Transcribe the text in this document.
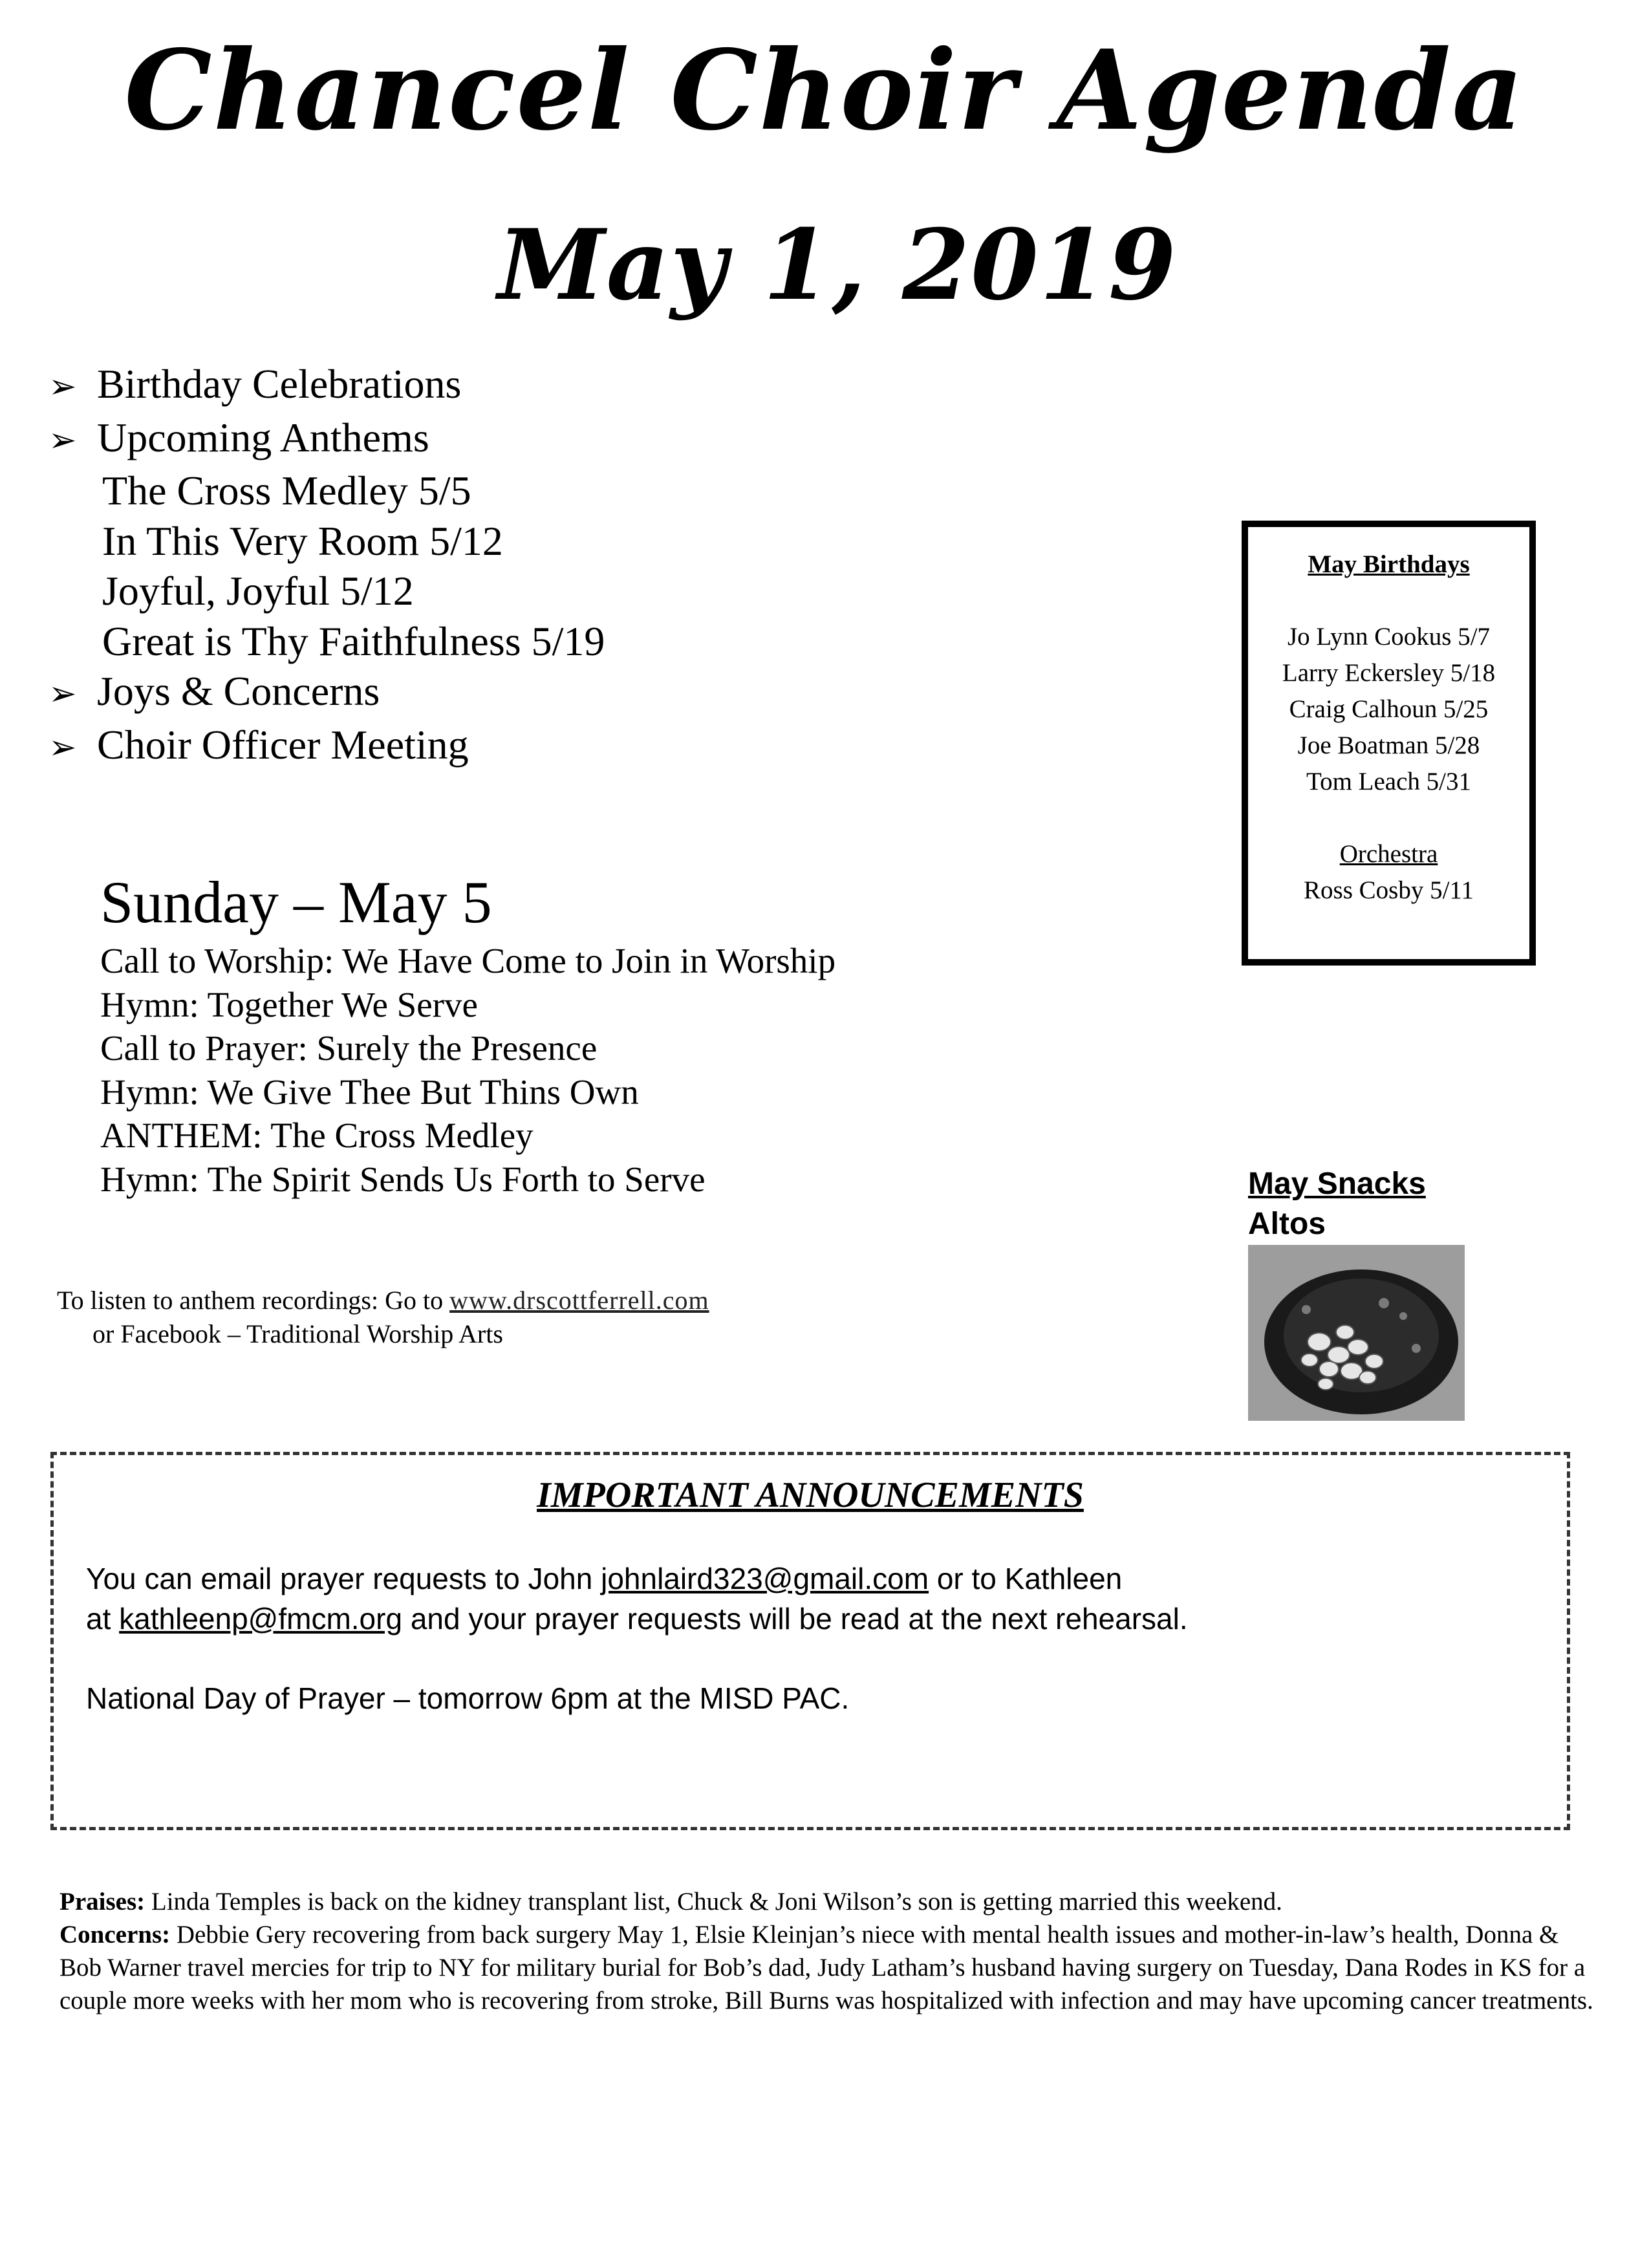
Chancel Choir Agenda
May 1, 2019
➢ Birthday Celebrations
➢ Upcoming Anthems
The Cross Medley 5/5
In This Very Room 5/12
Joyful, Joyful 5/12
Great is Thy Faithfulness 5/19
➢ Joys & Concerns
➢ Choir Officer Meeting
Sunday – May 5
Call to Worship: We Have Come to Join in Worship
Hymn: Together We Serve
Call to Prayer: Surely the Presence
Hymn: We Give Thee But Thins Own
ANTHEM: The Cross Medley
Hymn: The Spirit Sends Us Forth to Serve
To listen to anthem recordings: Go to www.drscottferrell.com
or Facebook – Traditional Worship Arts
May Birthdays
Jo Lynn Cookus 5/7
Larry Eckersley 5/18
Craig Calhoun 5/25
Joe Boatman 5/28
Tom Leach 5/31
Orchestra
Ross Cosby 5/11
May Snacks
Altos
IMPORTANT ANNOUNCEMENTS
You can email prayer requests to John johnlaird323@gmail.com or to Kathleen
at kathleenp@fmcm.org and your prayer requests will be read at the next rehearsal.
National Day of Prayer – tomorrow 6pm at the MISD PAC.
Praises: Linda Temples is back on the kidney transplant list, Chuck & Joni Wilson’s son is getting married this weekend.
Concerns: Debbie Gery recovering from back surgery May 1, Elsie Kleinjan’s niece with mental health issues and mother-in-law’s health, Donna & Bob Warner travel mercies for trip to NY for military burial for Bob’s dad, Judy Latham’s husband having surgery on Tuesday, Dana Rodes in KS for a couple more weeks with her mom who is recovering from stroke, Bill Burns was hospitalized with infection and may have upcoming cancer treatments.
